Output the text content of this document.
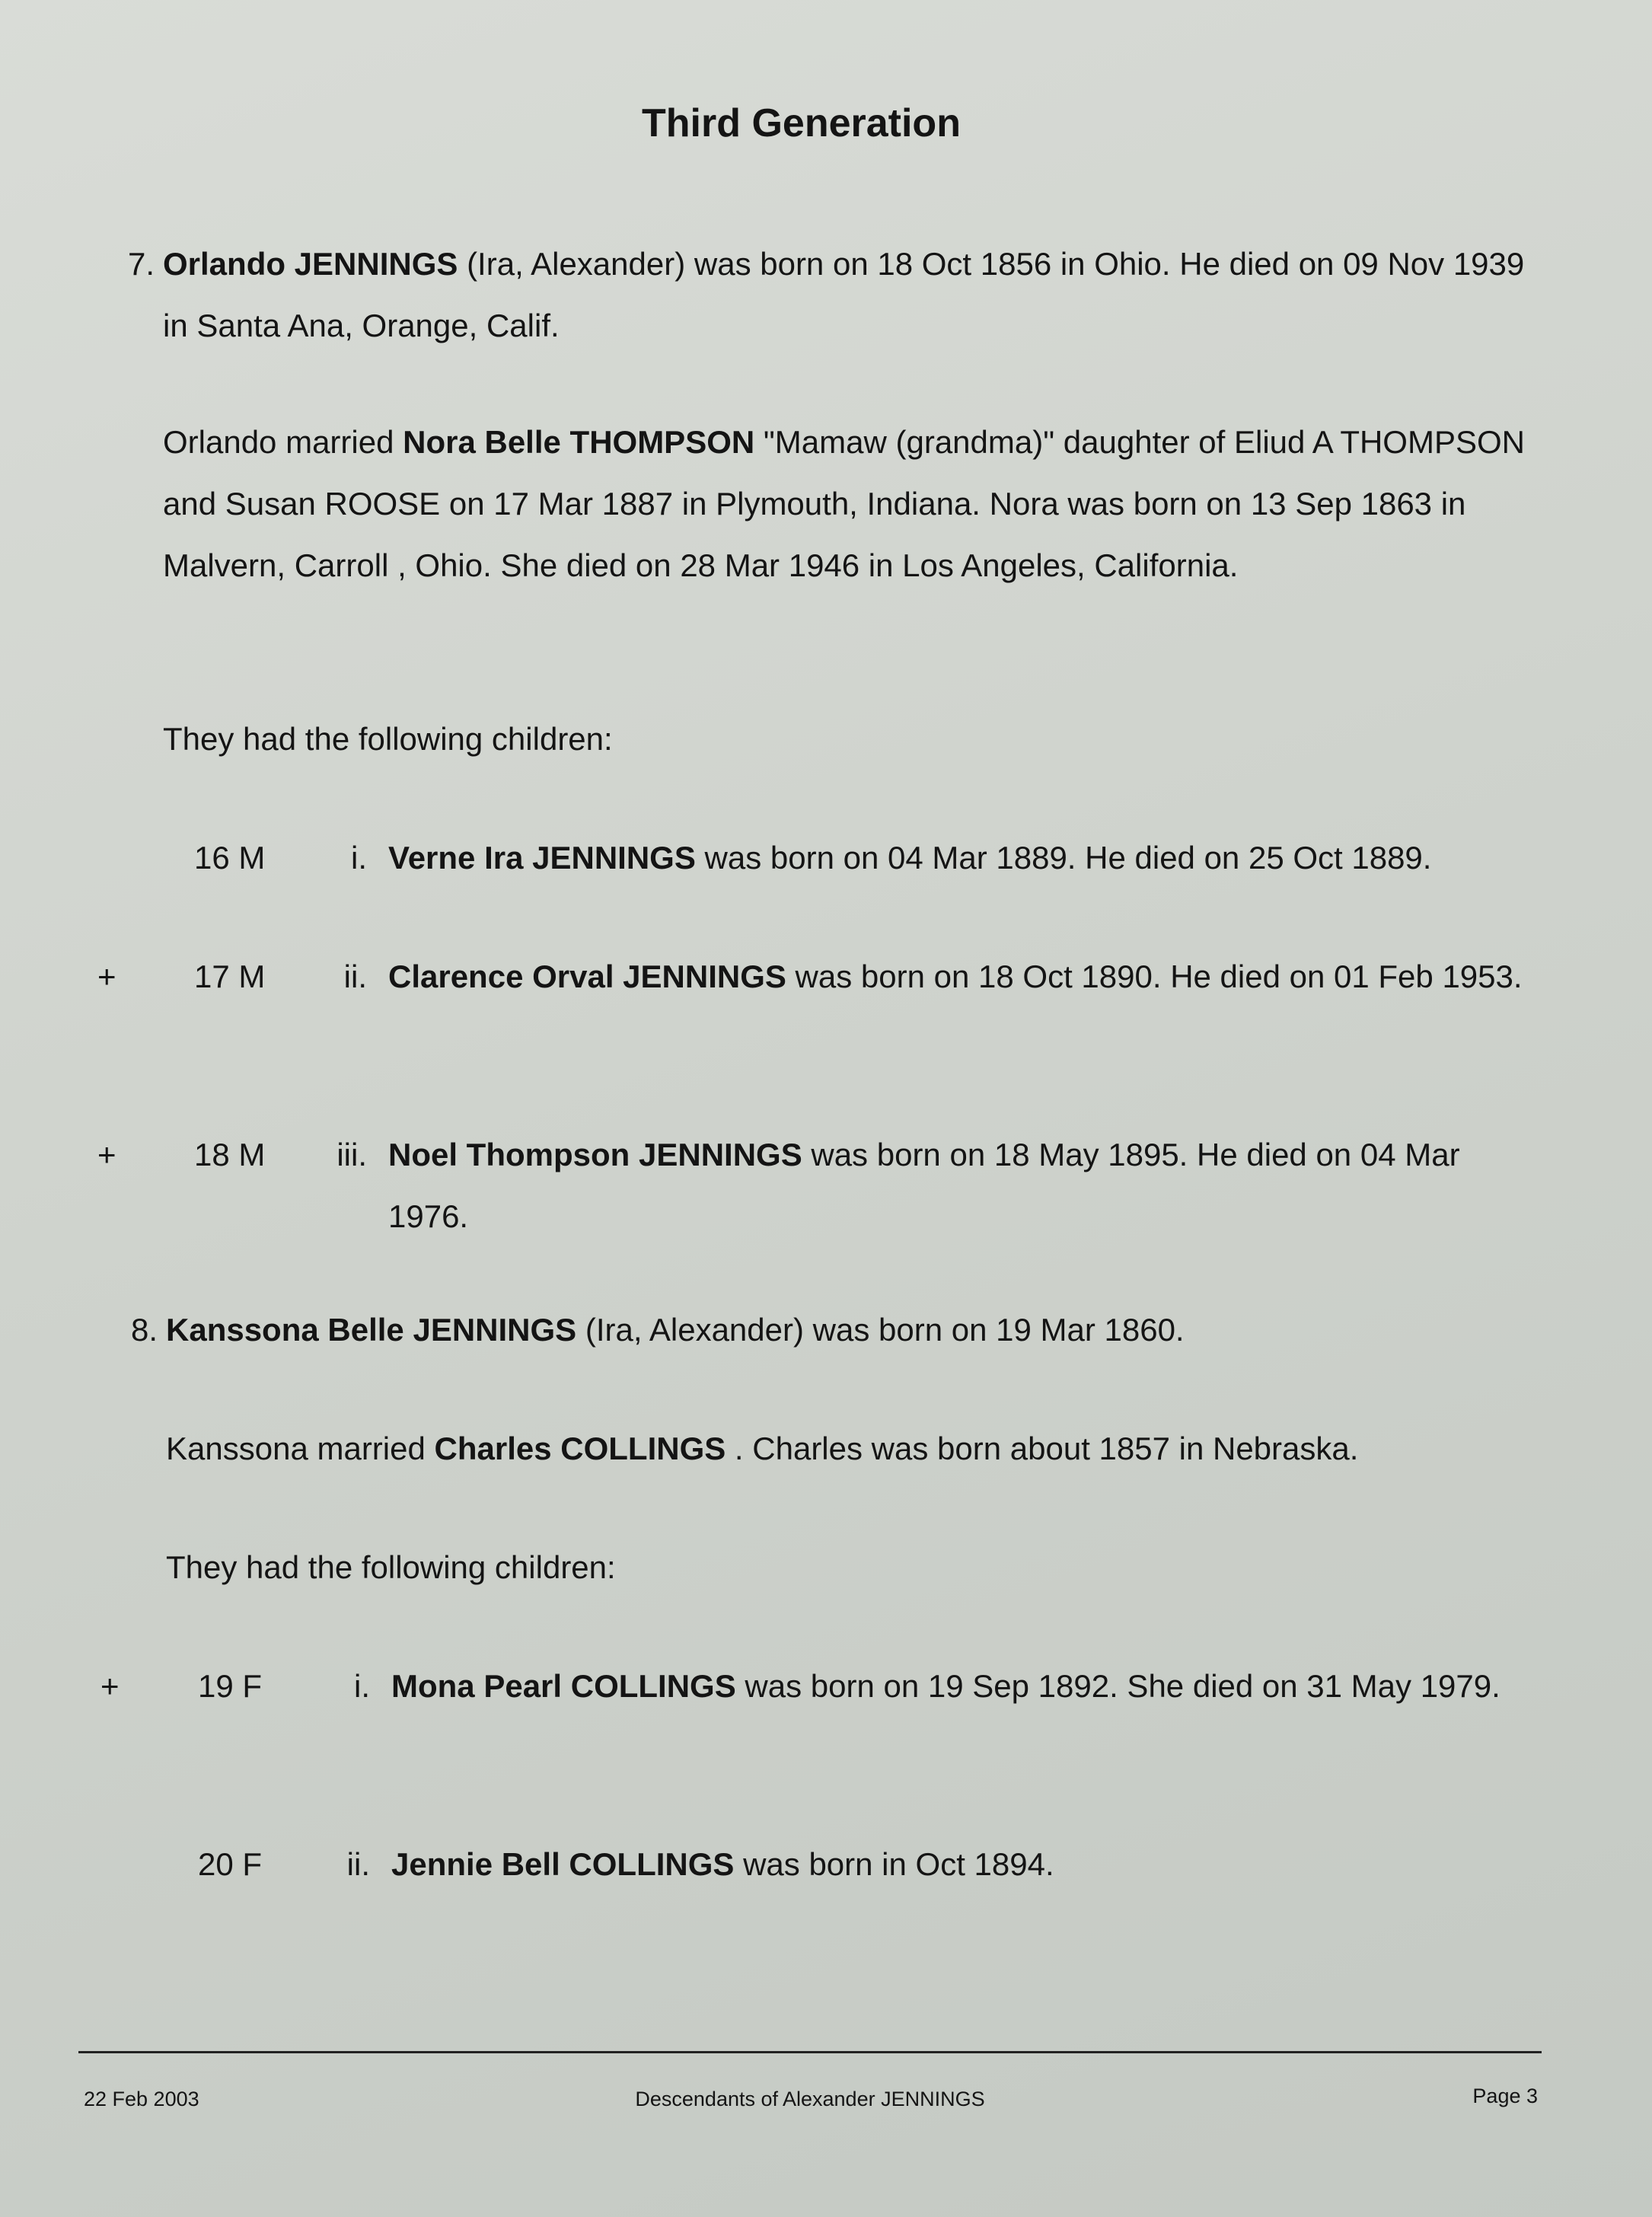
Third Generation
7. Orlando JENNINGS (Ira, Alexander) was born on 18 Oct 1856 in Ohio. He died on 09 Nov 1939 in Santa Ana, Orange, Calif.

Orlando married Nora Belle THOMPSON "Mamaw (grandma)" daughter of Eliud A THOMPSON and Susan ROOSE on 17 Mar 1887 in Plymouth, Indiana. Nora was born on 13 Sep 1863 in Malvern, Carroll , Ohio. She died on 28 Mar 1946 in Los Angeles, California.

They had the following children:

16 M	i. Verne Ira JENNINGS was born on 04 Mar 1889. He died on 25 Oct 1889.

+ 17 M	ii. Clarence Orval JENNINGS was born on 18 Oct 1890. He died on 01 Feb 1953.

+ 18 M	iii. Noel Thompson JENNINGS was born on 18 May 1895. He died on 04 Mar 1976.

8. Kanssona Belle JENNINGS (Ira, Alexander) was born on 19 Mar 1860.

Kanssona married Charles COLLINGS . Charles was born about 1857 in Nebraska.

They had the following children:

+ 19 F	i. Mona Pearl COLLINGS was born on 19 Sep 1892. She died on 31 May 1979.

20 F	ii. Jennie Bell COLLINGS was born in Oct 1894.

22 Feb 2003	Descendants of Alexander JENNINGS	Page 3
